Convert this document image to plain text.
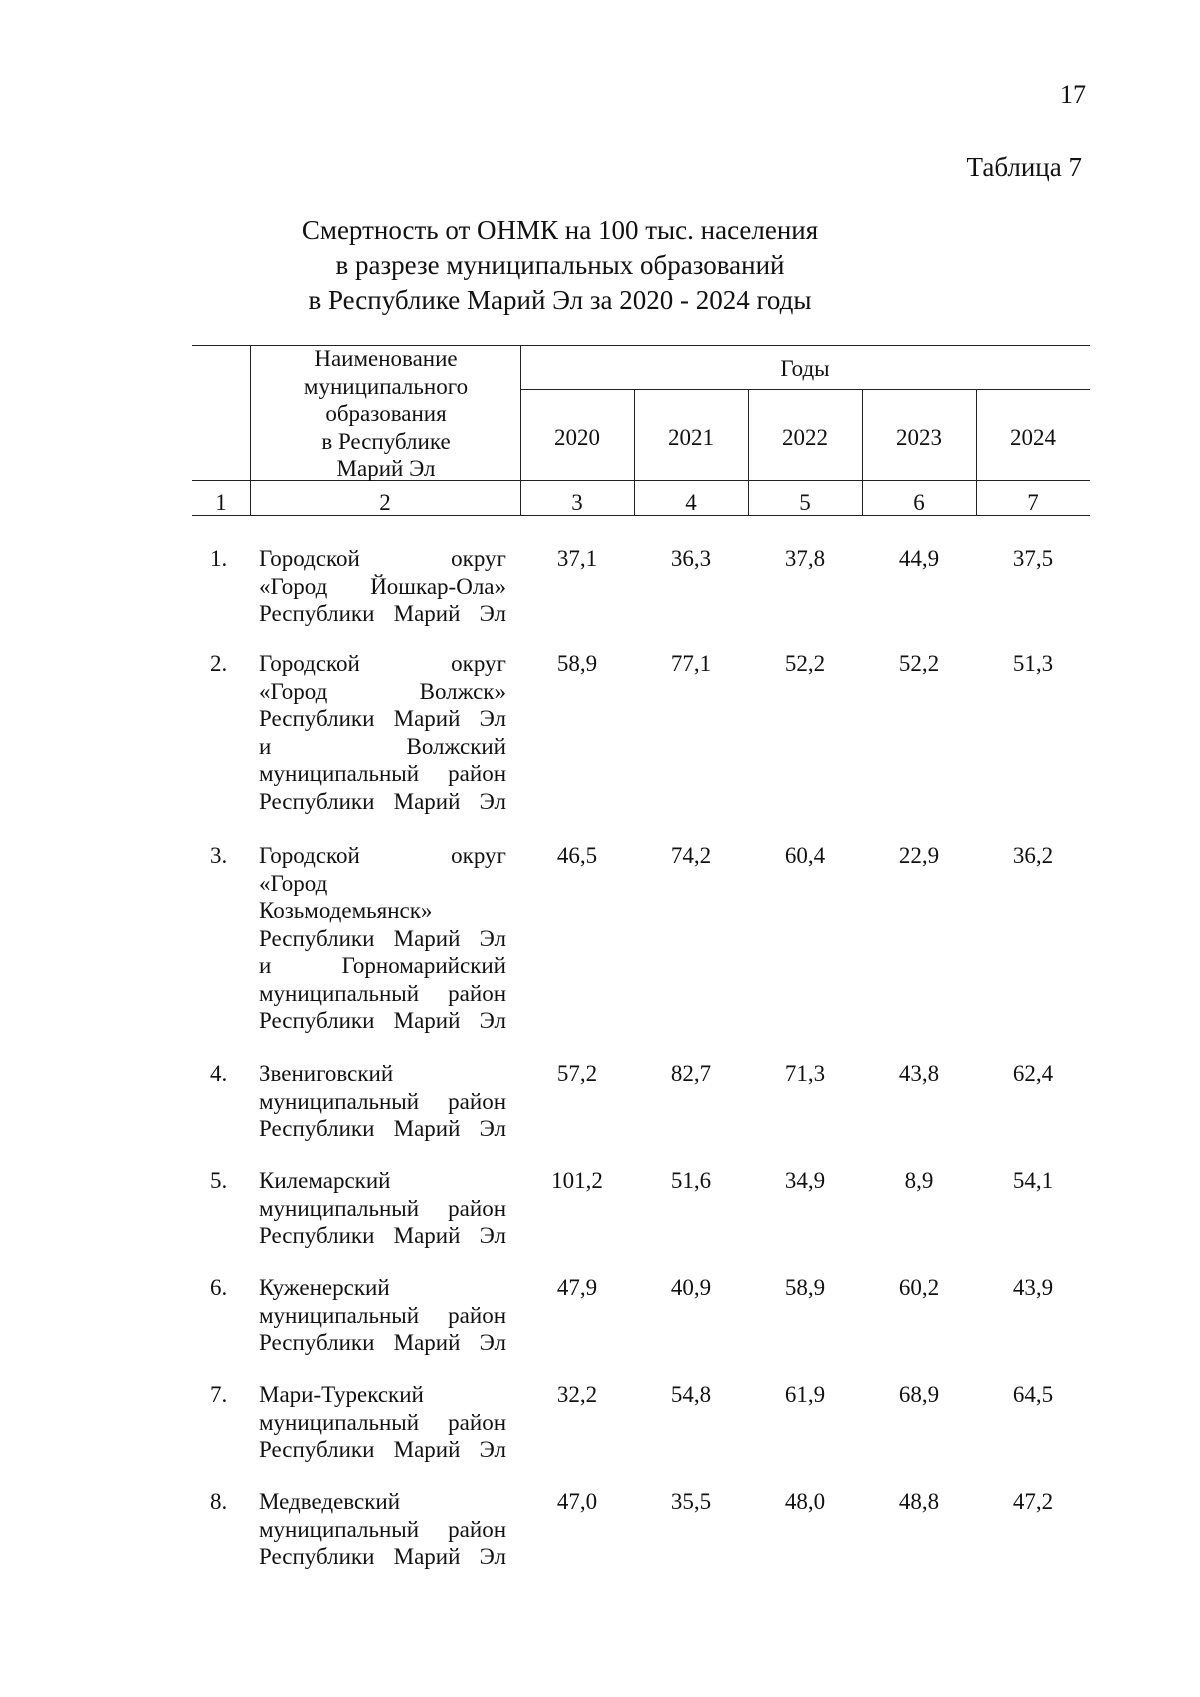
17
Таблица 7
Смертность от ОНМК на 100 тыс. населения
в разрезе муниципальных образований
в Республике Марий Эл за 2020 - 2024 годы
Наименование
муниципального
образования
в Республике
Марий Эл
Годы
2020	2021	2022	2023	2024
1	2	3	4	5	6	7
1. Городской округ
«Город Йошкар-Ола»
Республики Марий Эл
37,1	36,3	37,8	44,9	37,5
2. Городской округ
«Город Волжск»
Республики Марий Эл
и Волжский
муниципальный район
Республики Марий Эл
58,9	77,1	52,2	52,2	51,3
3. Городской округ
«Город
Козьмодемьянск»
Республики Марий Эл
и Горномарийский
муниципальный район
Республики Марий Эл
46,5	74,2	60,4	22,9	36,2
4. Звениговский
муниципальный район
Республики Марий Эл
57,2	82,7	71,3	43,8	62,4
5. Килемарский
муниципальный район
Республики Марий Эл
101,2	51,6	34,9	8,9	54,1
6. Куженерский
муниципальный район
Республики Марий Эл
47,9	40,9	58,9	60,2	43,9
7. Мари-Турекский
муниципальный район
Республики Марий Эл
32,2	54,8	61,9	68,9	64,5
8. Медведевский
муниципальный район
Республики Марий Эл
47,0	35,5	48,0	48,8	47,2
